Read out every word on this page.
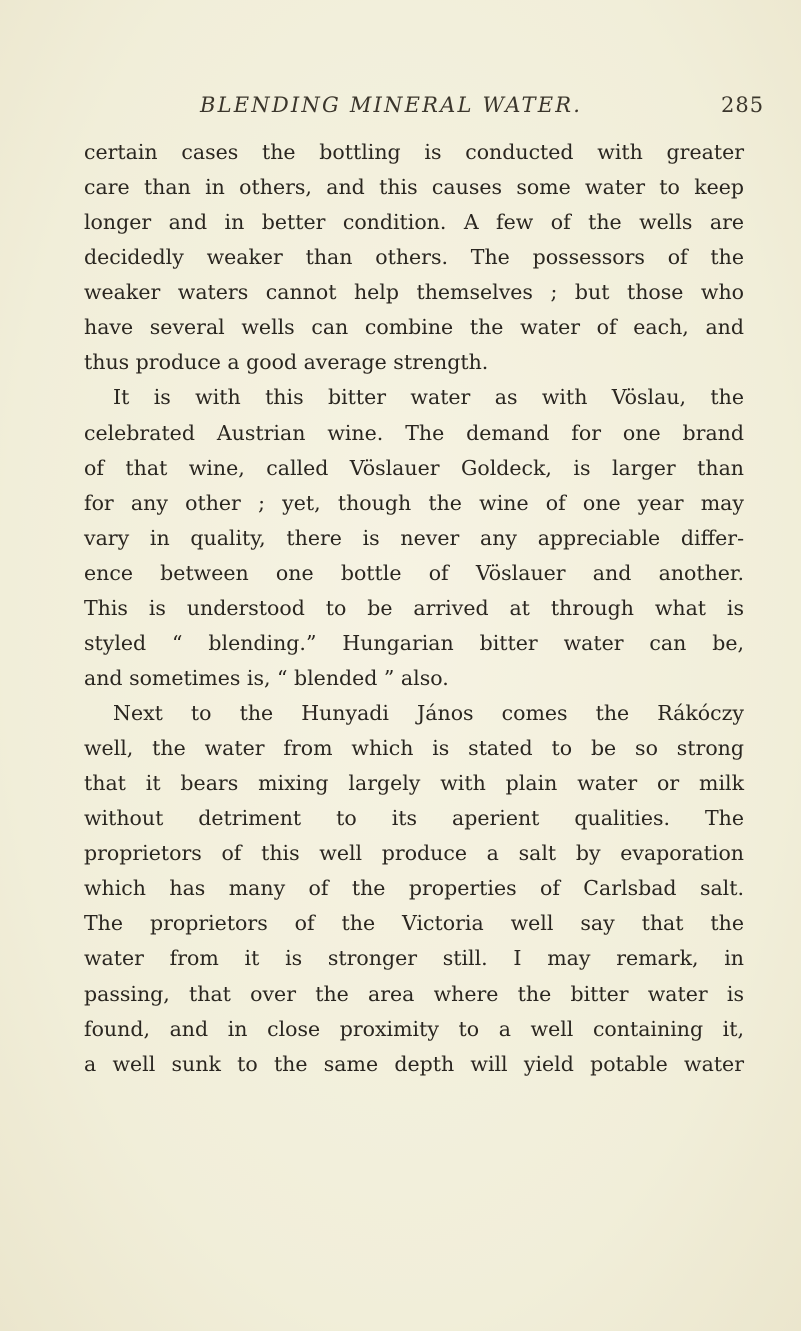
BLENDING MINERAL WATER.	285
certain cases the bottling is conducted with greater
care than in others, and this causes some water to keep
longer and in better condition. A few of the wells are
decidedly weaker than others. The possessors of the
weaker waters cannot help themselves ; but those who
have several wells can combine the water of each, and
thus produce a good average strength.
It is with this bitter water as with Vöslau, the
celebrated Austrian wine. The demand for one brand
of that wine, called Vöslauer Goldeck, is larger than
for any other ; yet, though the wine of one year may
vary in quality, there is never any appreciable differ-
ence between one bottle of Vöslauer and another.
This is understood to be arrived at through what is
styled “ blending.” Hungarian bitter water can be,
and sometimes is, “ blended ” also.
Next to the Hunyadi János comes the Rákóczy
well, the water from which is stated to be so strong
that it bears mixing largely with plain water or milk
without detriment to its aperient qualities. The
proprietors of this well produce a salt by evaporation
which has many of the properties of Carlsbad salt.
The proprietors of the Victoria well say that the
water from it is stronger still. I may remark, in
passing, that over the area where the bitter water is
found, and in close proximity to a well containing it,
a well sunk to the same depth will yield potable water
